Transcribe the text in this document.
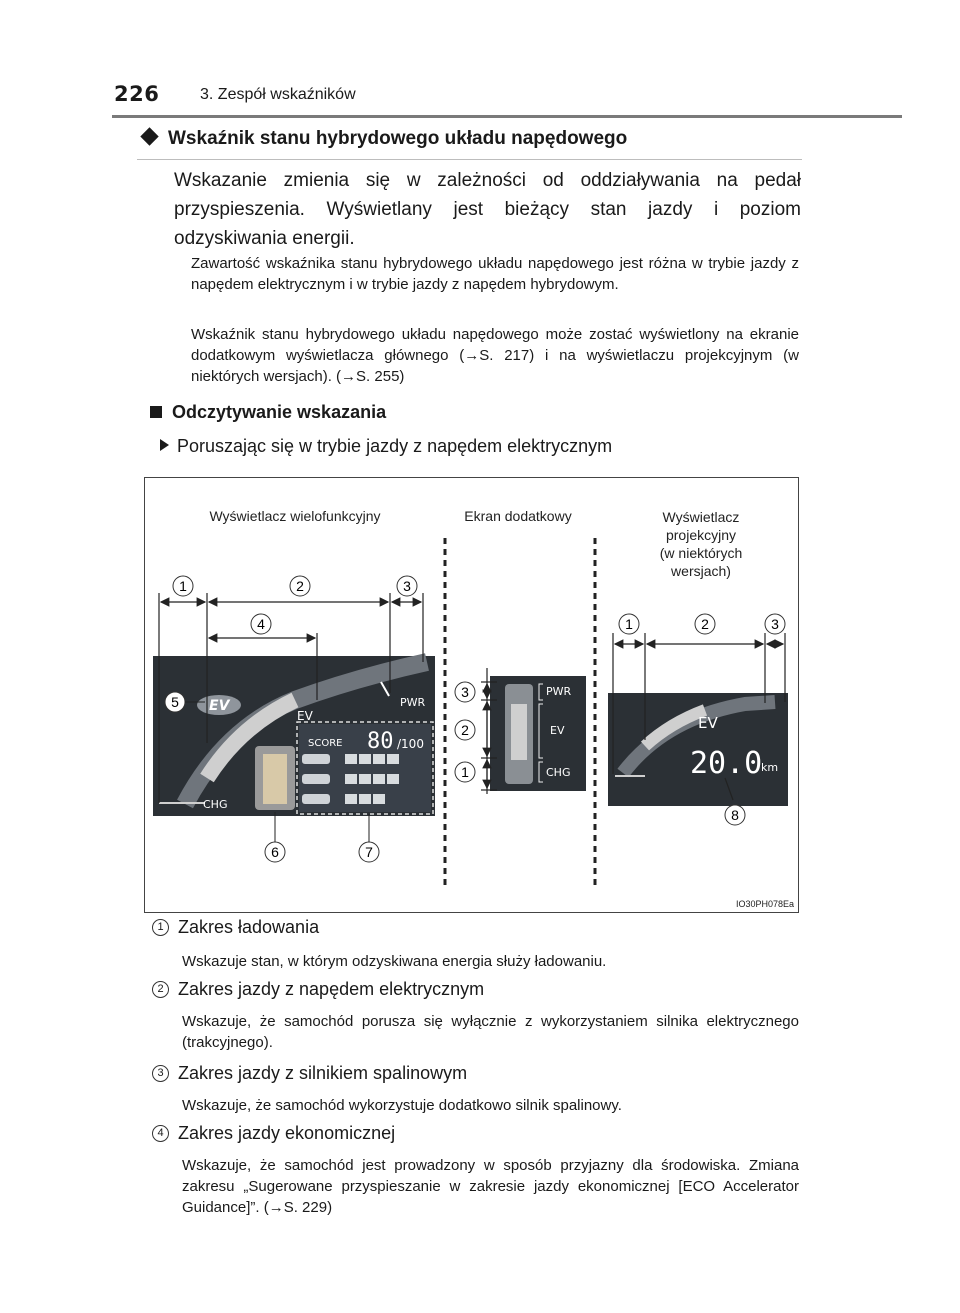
226	3. Zespół wskaźników
Wskaźnik stanu hybrydowego układu napędowego

Wskazanie zmienia się w zależności od oddziaływania na pedał przyspieszenia. Wyświetlany jest bieżący stan jazdy i poziom odzyskiwania energii.

Zawartość wskaźnika stanu hybrydowego układu napędowego jest różna w trybie jazdy z napędem elektrycznym i w trybie jazdy z napędem hybrydowym.

Wskaźnik stanu hybrydowego układu napędowego może zostać wyświetlony na ekranie dodatkowym wyświetlacza głównego (→S. 217) i na wyświetlaczu projekcyjnym (w niektórych wersjach). (→S. 255)

Odczytywanie wskazania
Poruszając się w trybie jazdy z napędem elektrycznym
Wyświetlacz wielofunkcyjny	Ekran dodatkowy	Wyświetlacz
projekcyjny
(w niektórych
wersjach)
PWR
EV
CHG
EV
SCORE 80 /100
PWR
EV
CHG
EV
20.0
km
1	2	3
4
5
6	7
3
2
1
1	2	3
8
IO30PH078Ea
1 Zakres ładowania

Wskazuje stan, w którym odzyskiwana energia służy ładowaniu.

2 Zakres jazdy z napędem elektrycznym

Wskazuje, że samochód porusza się wyłącznie z wykorzystaniem silnika elektrycznego (trakcyjnego).

3 Zakres jazdy z silnikiem spalinowym

Wskazuje, że samochód wykorzystuje dodatkowo silnik spalinowy.

4 Zakres jazdy ekonomicznej

Wskazuje, że samochód jest prowadzony w sposób przyjazny dla środowiska. Zmiana zakresu „Sugerowane przyspieszanie w zakresie jazdy ekonomicznej [ECO Accelerator Guidance]”. (→S. 229)
